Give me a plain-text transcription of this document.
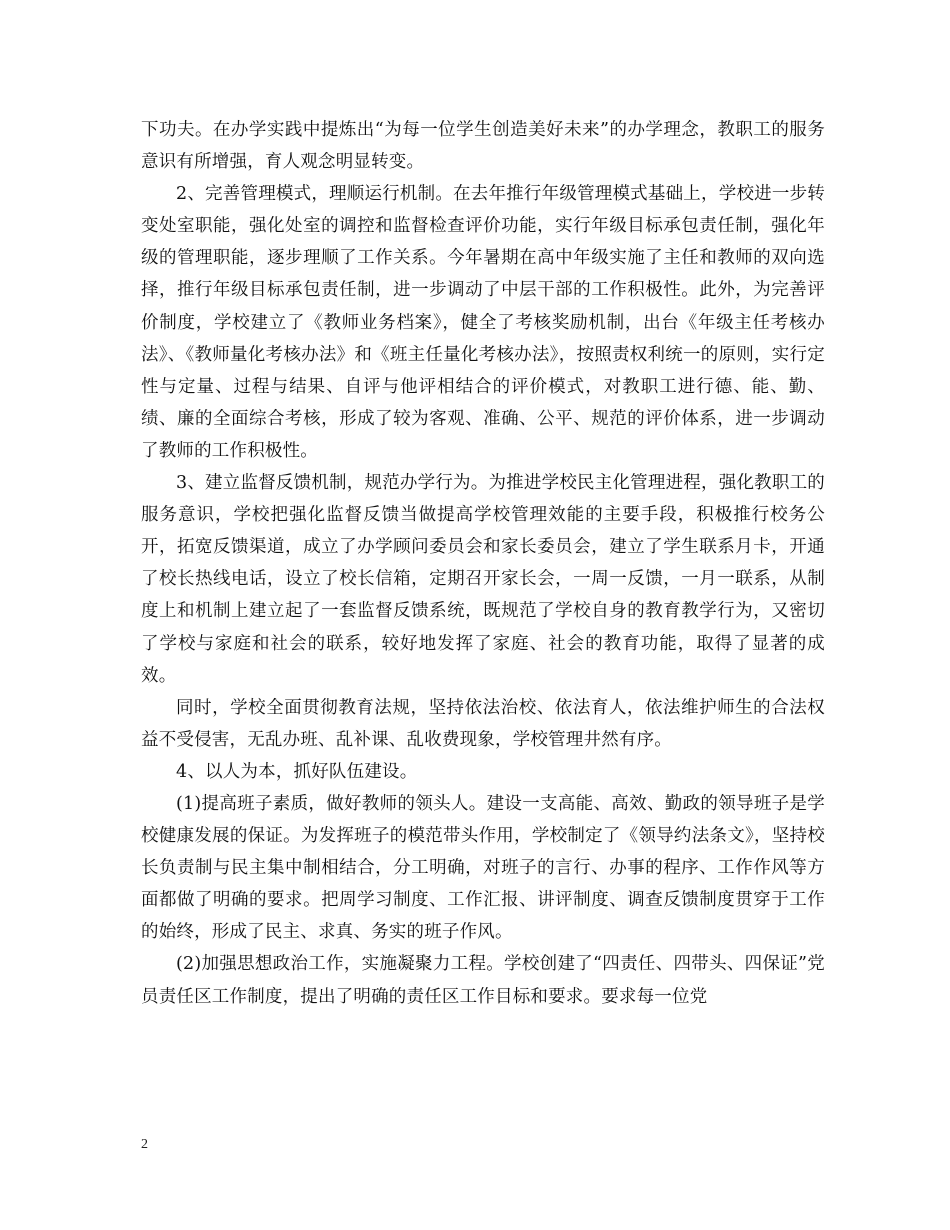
下功夫。在办学实践中提炼出“为每一位学生创造美好未来”的办学理念，教职工的服务意识有所增强，育人观念明显转变。

2、完善管理模式，理顺运行机制。在去年推行年级管理模式基础上，学校进一步转变处室职能，强化处室的调控和监督检查评价功能，实行年级目标承包责任制，强化年级的管理职能，逐步理顺了工作关系。今年暑期在高中年级实施了主任和教师的双向选择，推行年级目标承包责任制，进一步调动了中层干部的工作积极性。此外，为完善评价制度，学校建立了《教师业务档案》，健全了考核奖励机制，出台《年级主任考核办法》、《教师量化考核办法》和《班主任量化考核办法》，按照责权利统一的原则，实行定性与定量、过程与结果、自评与他评相结合的评价模式，对教职工进行德、能、勤、绩、廉的全面综合考核，形成了较为客观、准确、公平、规范的评价体系，进一步调动了教师的工作积极性。

3、建立监督反馈机制，规范办学行为。为推进学校民主化管理进程，强化教职工的服务意识，学校把强化监督反馈当做提高学校管理效能的主要手段，积极推行校务公开，拓宽反馈渠道，成立了办学顾问委员会和家长委员会，建立了学生联系月卡，开通了校长热线电话，设立了校长信箱，定期召开家长会，一周一反馈，一月一联系，从制度上和机制上建立起了一套监督反馈系统，既规范了学校自身的教育教学行为，又密切了学校与家庭和社会的联系，较好地发挥了家庭、社会的教育功能，取得了显著的成效。

同时，学校全面贯彻教育法规，坚持依法治校、依法育人，依法维护师生的合法权益不受侵害，无乱办班、乱补课、乱收费现象，学校管理井然有序。

4、以人为本，抓好队伍建设。

(1)提高班子素质，做好教师的领头人。建设一支高能、高效、勤政的领导班子是学校健康发展的保证。为发挥班子的模范带头作用，学校制定了《领导约法条文》，坚持校长负责制与民主集中制相结合，分工明确，对班子的言行、办事的程序、工作作风等方面都做了明确的要求。把周学习制度、工作汇报、讲评制度、调查反馈制度贯穿于工作的始终，形成了民主、求真、务实的班子作风。

(2)加强思想政治工作，实施凝聚力工程。学校创建了“四责任、四带头、四保证”党员责任区工作制度，提出了明确的责任区工作目标和要求。要求每一位党

2
